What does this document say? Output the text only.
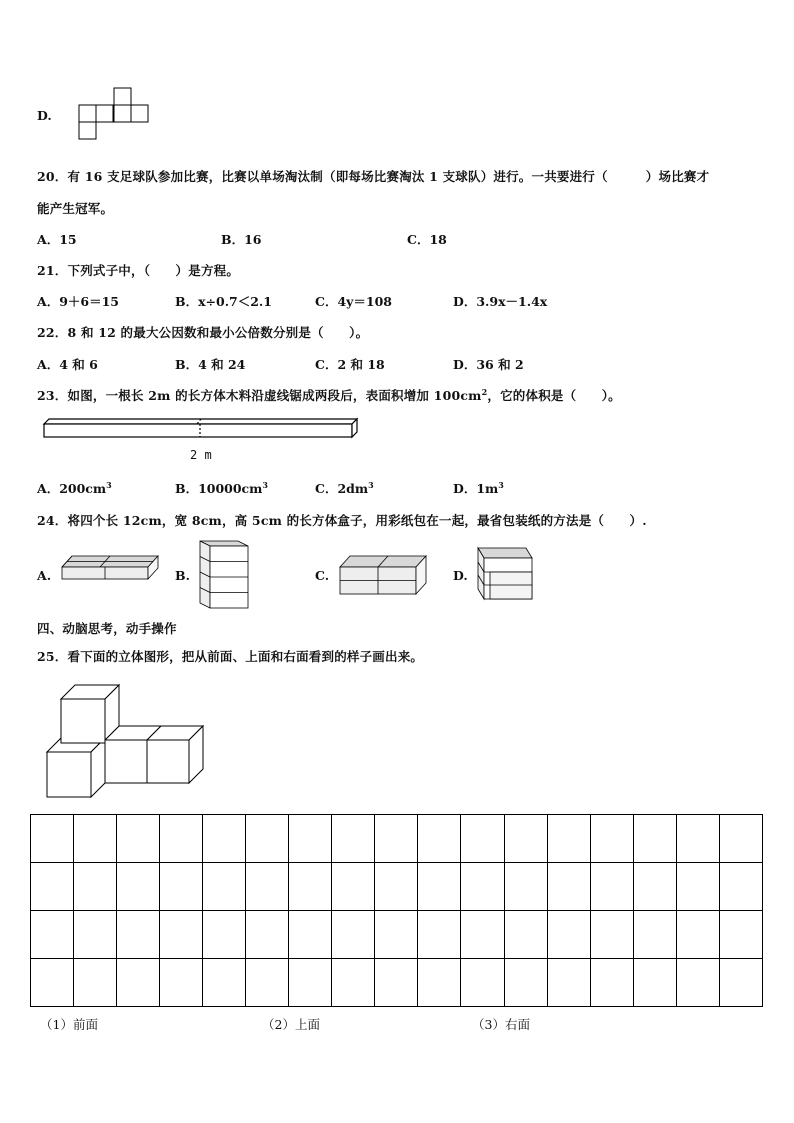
D.
20．有 16 支足球队参加比赛，比赛以单场淘汰制（即每场比赛淘汰 1 支球队）进行。一共要进行（　　　）场比赛才
能产生冠军。
A．15	B．16	C．18
21．下列式子中，（　　）是方程。
A．9＋6＝15	B．x÷0.7＜2.1	C．4y＝108	D．3.9x－1.4x
22．8 和 12 的最大公因数和最小公倍数分别是（　　）。
A．4 和 6	B．4 和 24	C．2 和 18	D．36 和 2
23．如图，一根长 2m 的长方体木料沿虚线锯成两段后，表面积增加 $100cm^2$，它的体积是（　　）。
2 m
A．$200cm^3$	B．$10000cm^3$	C．$2dm^3$	D．$1m^3$
24．将四个长 12cm，宽 8cm，高 5cm 的长方体盒子，用彩纸包在一起，最省包装纸的方法是（　　）.
A.	B.	C.	D.
四、动脑思考，动手操作
25．看下面的立体图形，把从前面、上面和右面看到的样子画出来。

（1）前面	（2）上面	（3）右面
